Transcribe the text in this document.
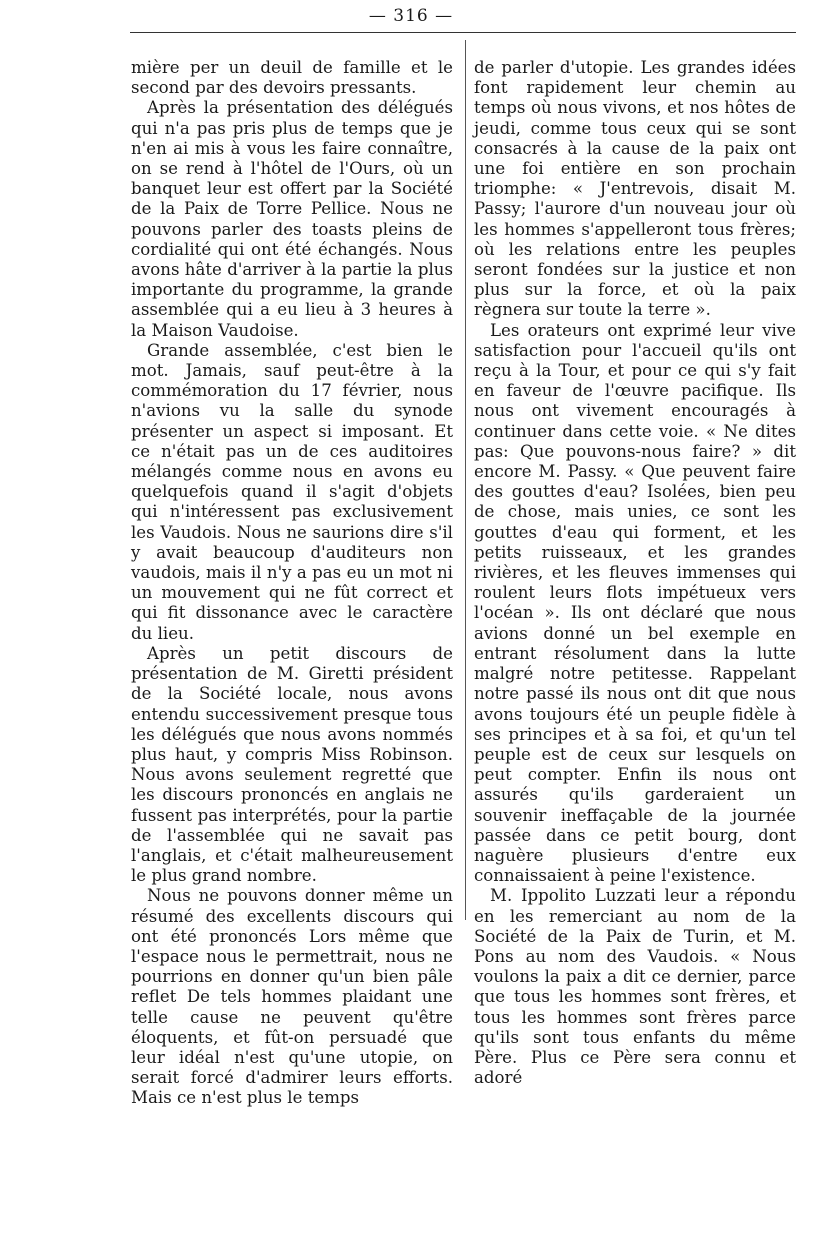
— 316 —

mière per un deuil de famille et le second par des devoirs pressants.

Après la présentation des délégués qui n'a pas pris plus de temps que je n'en ai mis à vous les faire connaître, on se rend à l'hôtel de l'Ours, où un banquet leur est offert par la Société de la Paix de Torre Pellice. Nous ne pouvons parler des toasts pleins de cordialité qui ont été échangés. Nous avons hâte d'arriver à la partie la plus importante du programme, la grande assemblée qui a eu lieu à 3 heures à la Maison Vaudoise.

Grande assemblée, c'est bien le mot. Jamais, sauf peut-être à la commémoration du 17 février, nous n'avions vu la salle du synode présenter un aspect si imposant. Et ce n'était pas un de ces auditoires mélangés comme nous en avons eu quelquefois quand il s'agit d'objets qui n'intéressent pas exclusivement les Vaudois. Nous ne saurions dire s'il y avait beaucoup d'auditeurs non vaudois, mais il n'y a pas eu un mot ni un mouvement qui ne fût correct et qui fit dissonance avec le caractère du lieu.

Après un petit discours de présentation de M. Giretti président de la Société locale, nous avons entendu successivement presque tous les délégués que nous avons nommés plus haut, y compris Miss Robinson. Nous avons seulement regretté que les discours prononcés en anglais ne fussent pas interprétés, pour la partie de l'assemblée qui ne savait pas l'anglais, et c'était malheureusement le plus grand nombre.

Nous ne pouvons donner même un résumé des excellents discours qui ont été prononcés Lors même que l'espace nous le permettrait, nous ne pourrions en donner qu'un bien pâle reflet De tels hommes plaidant une telle cause ne peuvent qu'être éloquents, et fût-on persuadé que leur idéal n'est qu'une utopie, on serait forcé d'admirer leurs efforts. Mais ce n'est plus le temps

de parler d'utopie. Les grandes idées font rapidement leur chemin au temps où nous vivons, et nos hôtes de jeudi, comme tous ceux qui se sont consacrés à la cause de la paix ont une foi entière en son prochain triomphe: « J'entrevois, disait M. Passy; l'aurore d'un nouveau jour où les hommes s'appelleront tous frères; où les relations entre les peuples seront fondées sur la justice et non plus sur la force, et où la paix règnera sur toute la terre ».

Les orateurs ont exprimé leur vive satisfaction pour l'accueil qu'ils ont reçu à la Tour, et pour ce qui s'y fait en faveur de l'œuvre pacifique. Ils nous ont vivement encouragés à continuer dans cette voie. « Ne dites pas: Que pouvons-nous faire? » dit encore M. Passy. « Que peuvent faire des gouttes d'eau? Isolées, bien peu de chose, mais unies, ce sont les gouttes d'eau qui forment, et les petits ruisseaux, et les grandes rivières, et les fleuves immenses qui roulent leurs flots impétueux vers l'océan ». Ils ont déclaré que nous avions donné un bel exemple en entrant résolument dans la lutte malgré notre petitesse. Rappelant notre passé ils nous ont dit que nous avons toujours été un peuple fidèle à ses principes et à sa foi, et qu'un tel peuple est de ceux sur lesquels on peut compter. Enfin ils nous ont assurés qu'ils garderaient un souvenir ineffaçable de la journée passée dans ce petit bourg, dont naguère plusieurs d'entre eux connaissaient à peine l'existence.

M. Ippolito Luzzati leur a répondu en les remerciant au nom de la Société de la Paix de Turin, et M. Pons au nom des Vaudois. « Nous voulons la paix a dit ce dernier, parce que tous les hommes sont frères, et tous les hommes sont frères parce qu'ils sont tous enfants du même Père. Plus ce Père sera connu et adoré
